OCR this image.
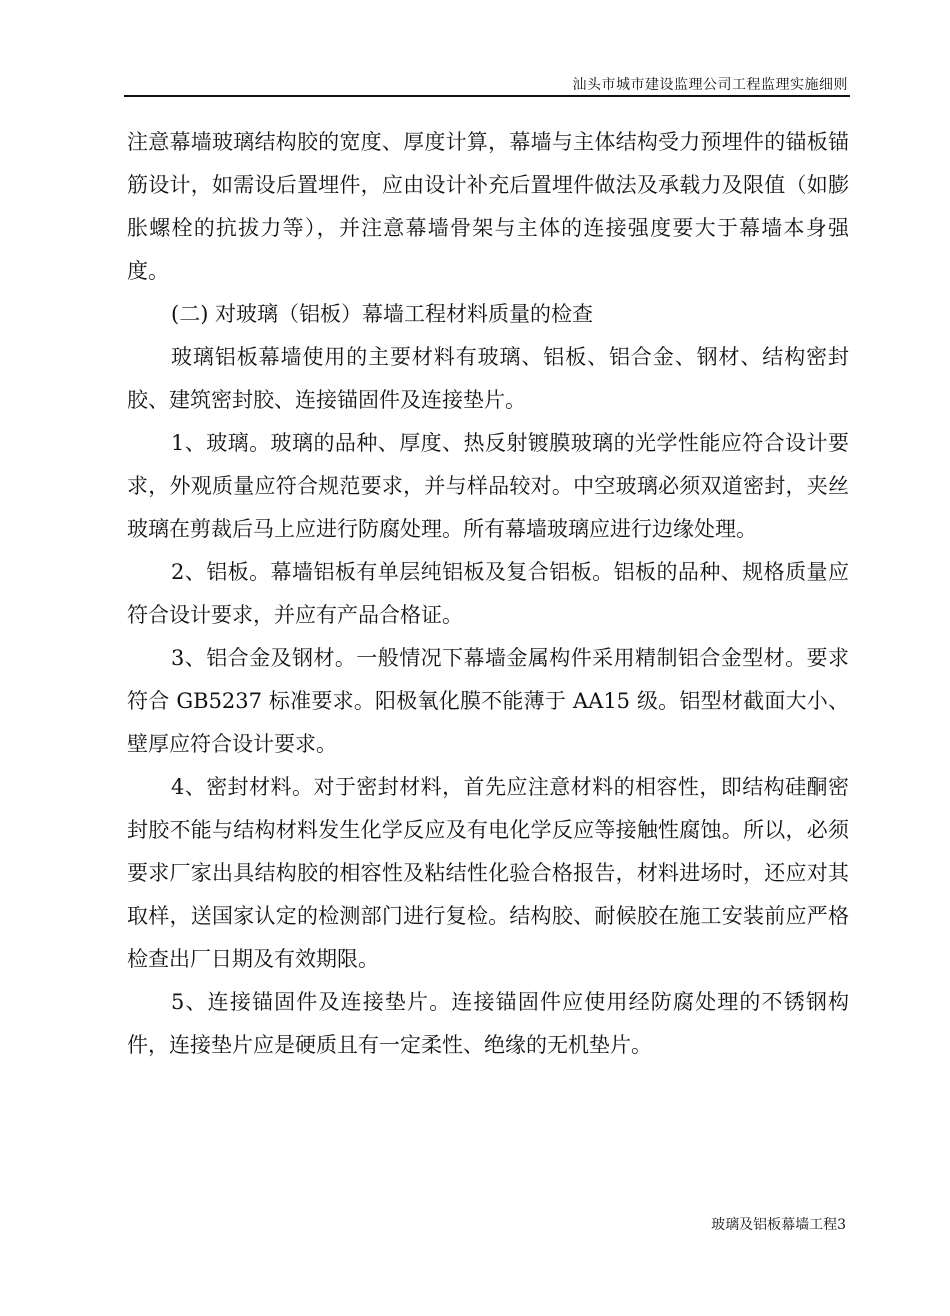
汕头市城市建设监理公司工程监理实施细则

注意幕墙玻璃结构胶的宽度、厚度计算，幕墙与主体结构受力预埋件的锚板锚筋设计，如需设后置埋件，应由设计补充后置埋件做法及承载力及限值（如膨胀螺栓的抗拔力等），并注意幕墙骨架与主体的连接强度要大于幕墙本身强度。

(二) 对玻璃（铝板）幕墙工程材料质量的检查

玻璃铝板幕墙使用的主要材料有玻璃、铝板、铝合金、钢材、结构密封胶、建筑密封胶、连接锚固件及连接垫片。

1、玻璃。玻璃的品种、厚度、热反射镀膜玻璃的光学性能应符合设计要求，外观质量应符合规范要求，并与样品较对。中空玻璃必须双道密封，夹丝玻璃在剪裁后马上应进行防腐处理。所有幕墙玻璃应进行边缘处理。

2、铝板。幕墙铝板有单层纯铝板及复合铝板。铝板的品种、规格质量应符合设计要求，并应有产品合格证。

3、铝合金及钢材。一般情况下幕墙金属构件采用精制铝合金型材。要求符合 GB5237 标准要求。阳极氧化膜不能薄于 AA15 级。铝型材截面大小、壁厚应符合设计要求。

4、密封材料。对于密封材料，首先应注意材料的相容性，即结构硅酮密封胶不能与结构材料发生化学反应及有电化学反应等接触性腐蚀。所以，必须要求厂家出具结构胶的相容性及粘结性化验合格报告，材料进场时，还应对其取样，送国家认定的检测部门进行复检。结构胶、耐候胶在施工安装前应严格检查出厂日期及有效期限。

5、连接锚固件及连接垫片。连接锚固件应使用经防腐处理的不锈钢构件，连接垫片应是硬质且有一定柔性、绝缘的无机垫片。

玻璃及铝板幕墙工程3
